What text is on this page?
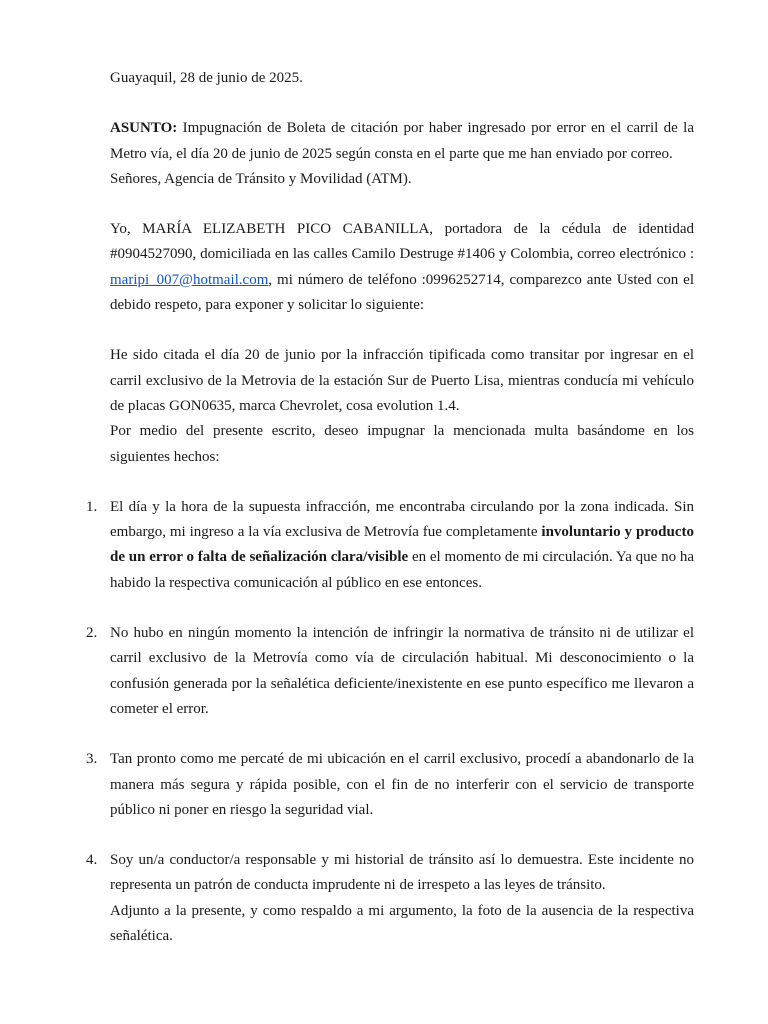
Guayaquil, 28 de junio de 2025.

ASUNTO: Impugnación de Boleta de citación por haber ingresado por error en el carril de la Metro vía, el día 20 de junio de 2025 según consta en el parte que me han enviado por correo.

Señores, Agencia de Tránsito y Movilidad (ATM).

Yo, MARÍA ELIZABETH PICO CABANILLA, portadora de la cédula de identidad #0904527090, domiciliada en las calles Camilo Destruge #1406 y Colombia, correo electrónico : maripi_007@hotmail.com, mi número de teléfono :0996252714, comparezco ante Usted con el debido respeto, para exponer y solicitar lo siguiente:

He sido citada el día 20 de junio por la infracción tipificada como transitar por ingresar en el carril exclusivo de la Metrovia de la estación Sur de Puerto Lisa, mientras conducía mi vehículo de placas GON0635, marca Chevrolet, cosa evolution 1.4.

Por medio del presente escrito, deseo impugnar la mencionada multa basándome en los siguientes hechos:

1. El día y la hora de la supuesta infracción, me encontraba circulando por la zona indicada. Sin embargo, mi ingreso a la vía exclusiva de Metrovía fue completamente involuntario y producto de un error o falta de señalización clara/visible en el momento de mi circulación. Ya que no ha habido la respectiva comunicación al público en ese entonces.

2. No hubo en ningún momento la intención de infringir la normativa de tránsito ni de utilizar el carril exclusivo de la Metrovía como vía de circulación habitual. Mi desconocimiento o la confusión generada por la señalética deficiente/inexistente en ese punto específico me llevaron a cometer el error.

3. Tan pronto como me percaté de mi ubicación en el carril exclusivo, procedí a abandonarlo de la manera más segura y rápida posible, con el fin de no interferir con el servicio de transporte público ni poner en riesgo la seguridad vial.

4. Soy un/a conductor/a responsable y mi historial de tránsito así lo demuestra. Este incidente no representa un patrón de conducta imprudente ni de irrespeto a las leyes de tránsito.

Adjunto a la presente, y como respaldo a mi argumento, la foto de la ausencia de la respectiva señalética.
